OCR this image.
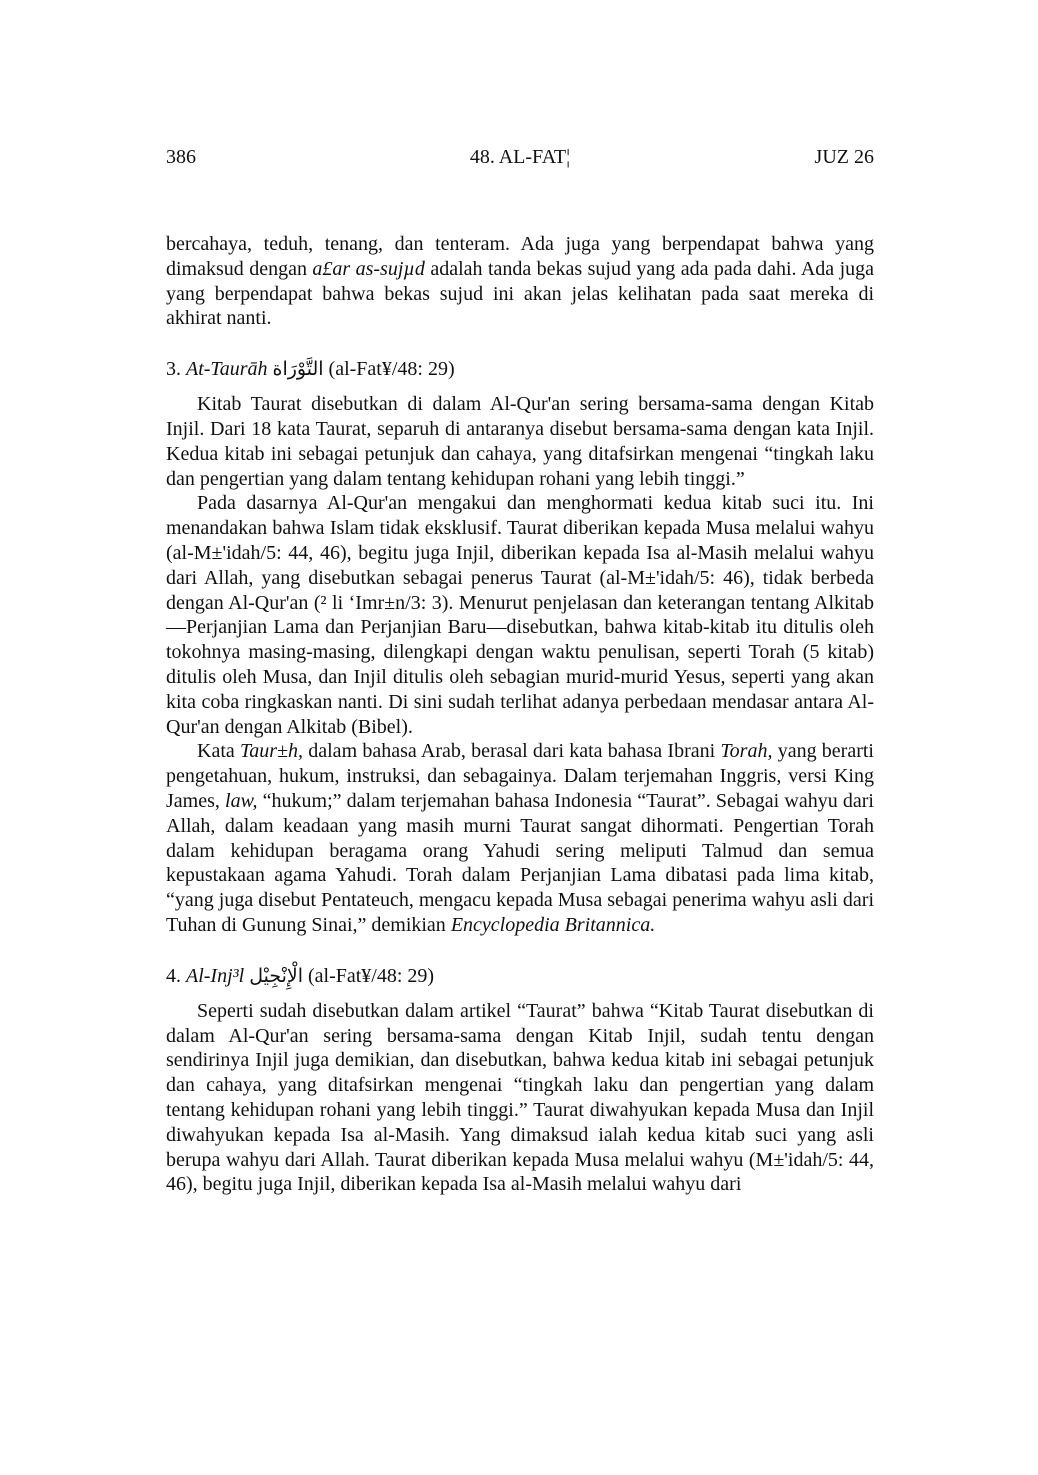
386	48. AL-FAT¦	JUZ 26

bercahaya, teduh, tenang, dan tenteram. Ada juga yang berpendapat bahwa yang dimaksud dengan a£ar as-sujµd adalah tanda bekas sujud yang ada pada dahi. Ada juga yang berpendapat bahwa bekas sujud ini akan jelas kelihatan pada saat mereka di akhirat nanti.

3. At-Taurāh التَّوْرَاة (al-Fat¥/48: 29)

Kitab Taurat disebutkan di dalam Al-Qur'an sering bersama-sama dengan Kitab Injil. Dari 18 kata Taurat, separuh di antaranya disebut bersama-sama dengan kata Injil. Kedua kitab ini sebagai petunjuk dan cahaya, yang ditafsirkan mengenai “tingkah laku dan pengertian yang dalam tentang kehidupan rohani yang lebih tinggi.”

Pada dasarnya Al-Qur'an mengakui dan menghormati kedua kitab suci itu. Ini menandakan bahwa Islam tidak eksklusif. Taurat diberikan kepada Musa melalui wahyu (al-M±'idah/5: 44, 46), begitu juga Injil, diberikan kepada Isa al-Masih melalui wahyu dari Allah, yang disebutkan sebagai penerus Taurat (al-M±'idah/5: 46), tidak berbeda dengan Al-Qur'an (² li ‘Imr±n/3: 3). Menurut penjelasan dan keterangan tentang Alkitab—Perjanjian Lama dan Perjanjian Baru—disebutkan, bahwa kitab-kitab itu ditulis oleh tokohnya masing-masing, dilengkapi dengan waktu penulisan, seperti Torah (5 kitab) ditulis oleh Musa, dan Injil ditulis oleh sebagian murid-murid Yesus, seperti yang akan kita coba ringkaskan nanti. Di sini sudah terlihat adanya perbedaan mendasar antara Al-Qur'an dengan Alkitab (Bibel).

Kata Taur±h, dalam bahasa Arab, berasal dari kata bahasa Ibrani Torah, yang berarti pengetahuan, hukum, instruksi, dan sebagainya. Dalam terjemahan Inggris, versi King James, law, “hukum;” dalam terjemahan bahasa Indonesia “Taurat”. Sebagai wahyu dari Allah, dalam keadaan yang masih murni Taurat sangat dihormati. Pengertian Torah dalam kehidupan beragama orang Yahudi sering meliputi Talmud dan semua kepustakaan agama Yahudi. Torah dalam Perjanjian Lama dibatasi pada lima kitab, “yang juga disebut Pentateuch, mengacu kepada Musa sebagai penerima wahyu asli dari Tuhan di Gunung Sinai,” demikian Encyclopedia Britannica.

4. Al-Inj³l الْإِنْجِيْل (al-Fat¥/48: 29)

Seperti sudah disebutkan dalam artikel “Taurat” bahwa “Kitab Taurat disebutkan di dalam Al-Qur'an sering bersama-sama dengan Kitab Injil, sudah tentu dengan sendirinya Injil juga demikian, dan disebutkan, bahwa kedua kitab ini sebagai petunjuk dan cahaya, yang ditafsirkan mengenai “tingkah laku dan pengertian yang dalam tentang kehidupan rohani yang lebih tinggi.” Taurat diwahyukan kepada Musa dan Injil diwahyukan kepada Isa al-Masih. Yang dimaksud ialah kedua kitab suci yang asli berupa wahyu dari Allah. Taurat diberikan kepada Musa melalui wahyu (M±'idah/5: 44, 46), begitu juga Injil, diberikan kepada Isa al-Masih melalui wahyu dari
